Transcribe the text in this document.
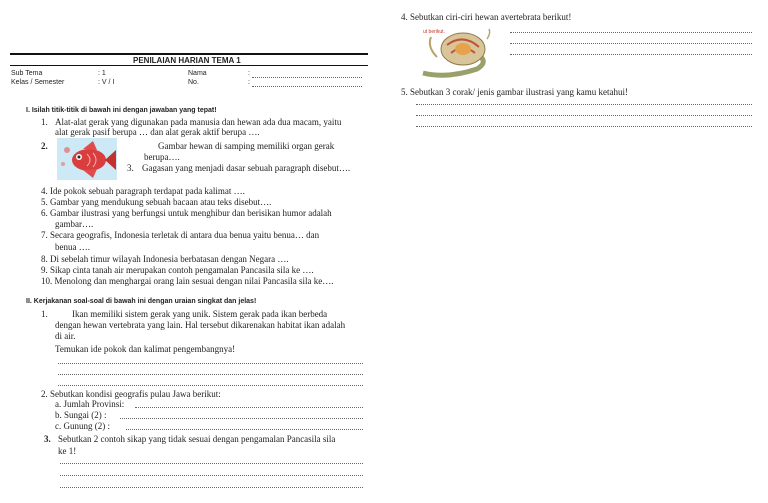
PENILAIAN HARIAN TEMA 1
Sub Tema	: 1
Kelas / Semester	: V / I
Nama	:
No.	:
I. Isilah titik-titik di bawah ini dengan jawaban yang tepat!
1. Alat-alat gerak yang digunakan pada manusia dan hewan ada dua macam, yaitu
alat gerak pasif berupa … dan alat gerak aktif berupa ….
2.	Gambar hewan di samping memiliki organ gerak
berupa….
3. Gagasan yang menjadi dasar sebuah paragraph disebut….
4. Ide pokok sebuah paragraph terdapat pada kalimat ….
5. Gambar yang mendukung sebuah bacaan atau teks disebut….
6. Gambar ilustrasi yang berfungsi untuk menghibur dan berisikan humor adalah
gambar….
7. Secara geografis, Indonesia terletak di antara dua benua yaitu benua… dan
benua ….
8. Di sebelah timur wilayah Indonesia berbatasan dengan Negara ….
9. Sikap cinta tanah air merupakan contoh pengamalan Pancasila sila ke ….
10. Menolong dan menghargai orang lain sesuai dengan nilai Pancasila sila ke….
II. Kerjakanan soal-soal di bawah ini dengan uraian singkat dan jelas!
1.	Ikan memiliki sistem gerak yang unik. Sistem gerak pada ikan berbeda
dengan hewan vertebrata yang lain. Hal tersebut dikarenakan habitat ikan adalah
di air.
Temukan ide pokok dan kalimat pengembangnya!
2. Sebutkan kondisi geografis pulau Jawa berikut:
a. Jumlah Provinsi:
b. Sungai (2) :
c. Gunung (2) :
3. Sebutkan 2 contoh sikap yang tidak sesuai dengan pengamalan Pancasila sila
ke 1!
4. Sebutkan ciri-ciri hewan avertebrata berikut!
ut berikut.
5. Sebutkan 3 corak/ jenis gambar ilustrasi yang kamu ketahui!
